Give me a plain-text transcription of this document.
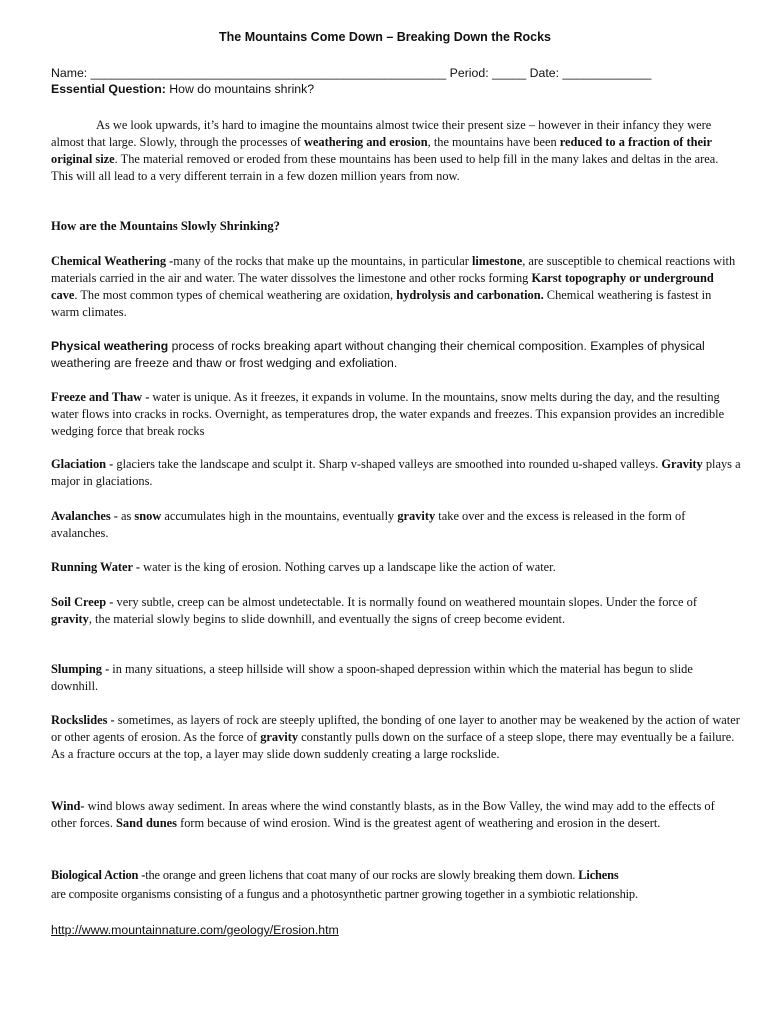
The Mountains Come Down – Breaking Down the Rocks
Name: ____________________________________________________ Period: _____ Date: _____________
Essential Question: How do mountains shrink?
As we look upwards, it’s hard to imagine the mountains almost twice their present size – however in their infancy they were almost that large. Slowly, through the processes of weathering and erosion, the mountains have been reduced to a fraction of their original size. The material removed or eroded from these mountains has been used to help fill in the many lakes and deltas in the area. This will all lead to a very different terrain in a few dozen million years from now.
How are the Mountains Slowly Shrinking?
Chemical Weathering -many of the rocks that make up the mountains, in particular limestone, are susceptible to chemical reactions with materials carried in the air and water. The water dissolves the limestone and other rocks forming Karst topography or underground cave. The most common types of chemical weathering are oxidation, hydrolysis and carbonation. Chemical weathering is fastest in warm climates.
Physical weathering process of rocks breaking apart without changing their chemical composition. Examples of physical weathering are freeze and thaw or frost wedging and exfoliation.
Freeze and Thaw - water is unique. As it freezes, it expands in volume. In the mountains, snow melts during the day, and the resulting water flows into cracks in rocks. Overnight, as temperatures drop, the water expands and freezes. This expansion provides an incredible wedging force that break rocks
Glaciation - glaciers take the landscape and sculpt it. Sharp v-shaped valleys are smoothed into rounded u-shaped valleys. Gravity plays a major in glaciations.
Avalanches - as snow accumulates high in the mountains, eventually gravity take over and the excess is released in the form of avalanches.
Running Water - water is the king of erosion. Nothing carves up a landscape like the action of water.
Soil Creep - very subtle, creep can be almost undetectable. It is normally found on weathered mountain slopes. Under the force of gravity, the material slowly begins to slide downhill, and eventually the signs of creep become evident.
Slumping - in many situations, a steep hillside will show a spoon-shaped depression within which the material has begun to slide downhill.
Rockslides - sometimes, as layers of rock are steeply uplifted, the bonding of one layer to another may be weakened by the action of water or other agents of erosion. As the force of gravity constantly pulls down on the surface of a steep slope, there may eventually be a failure. As a fracture occurs at the top, a layer may slide down suddenly creating a large rockslide.
Wind- wind blows away sediment. In areas where the wind constantly blasts, as in the Bow Valley, the wind may add to the effects of other forces. Sand dunes form because of wind erosion. Wind is the greatest agent of weathering and erosion in the desert.
Biological Action -the orange and green lichens that coat many of our rocks are slowly breaking them down. Lichens
are composite organisms consisting of a fungus and a photosynthetic partner growing together in a symbiotic relationship.
http://www.mountainnature.com/geology/Erosion.htm
